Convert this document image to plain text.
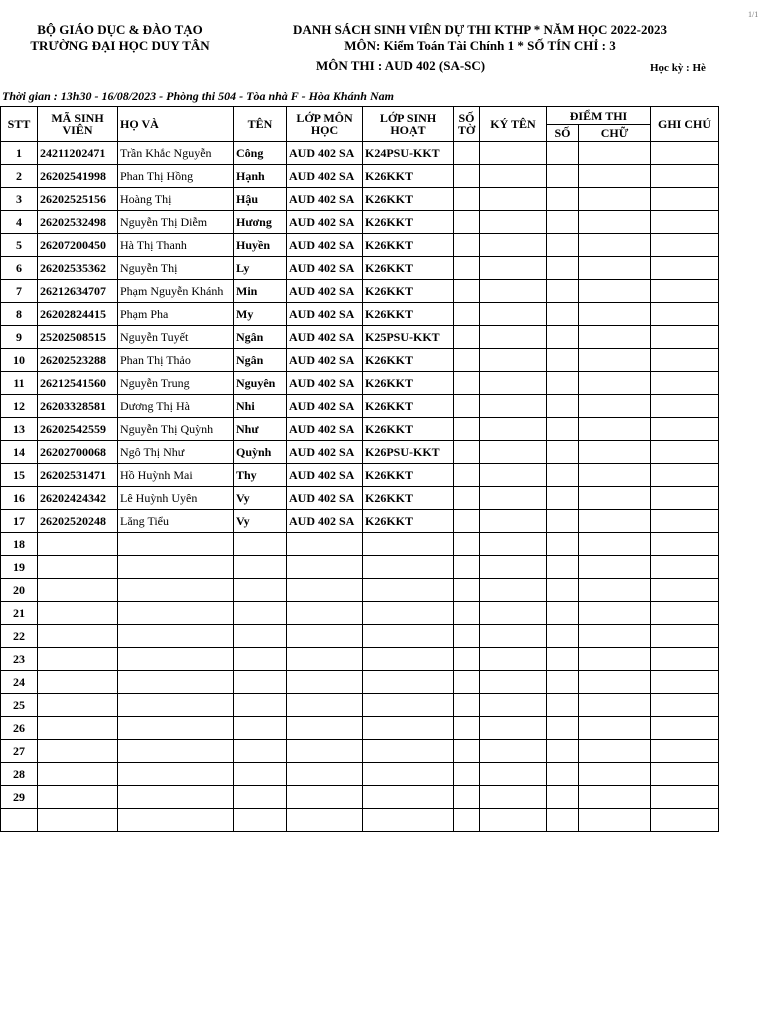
1/1
BỘ GIÁO DỤC & ĐÀO TẠO
TRƯỜNG ĐẠI HỌC DUY TÂN
DANH SÁCH SINH VIÊN DỰ THI KTHP * NĂM HỌC 2022-2023
MÔN: Kiểm Toán Tài Chính 1 * SỐ TÍN CHỈ : 3
MÔN THI : AUD 402 (SA-SC)	Học kỳ : Hè
Thời gian : 13h30 - 16/08/2023 - Phòng thi 504 - Tòa nhà F - Hòa Khánh Nam
STT	MÃ SINH VIÊN	HỌ VÀ	TÊN	LỚP MÔN HỌC	LỚP SINH HOẠT	SỐ TỜ	KÝ TÊN	ĐIỂM THI		GHI CHÚ
								SỐ	CHỮ	
1	24211202471	Trần Khắc Nguyễn	Công	AUD 402 SA	K24PSU-KKT					
2	26202541998	Phan Thị Hồng	Hạnh	AUD 402 SA	K26KKT					
3	26202525156	Hoàng Thị	Hậu	AUD 402 SA	K26KKT					
4	26202532498	Nguyễn Thị Diễm	Hương	AUD 402 SA	K26KKT					
5	26207200450	Hà Thị Thanh	Huyền	AUD 402 SA	K26KKT					
6	26202535362	Nguyễn Thị	Ly	AUD 402 SA	K26KKT					
7	26212634707	Phạm Nguyễn Khánh	Min	AUD 402 SA	K26KKT					
8	26202824415	Phạm Pha	My	AUD 402 SA	K26KKT					
9	25202508515	Nguyễn Tuyết	Ngân	AUD 402 SA	K25PSU-KKT					
10	26202523288	Phan Thị Thảo	Ngân	AUD 402 SA	K26KKT					
11	26212541560	Nguyễn Trung	Nguyên	AUD 402 SA	K26KKT					
12	26203328581	Dương Thị Hà	Nhi	AUD 402 SA	K26KKT					
13	26202542559	Nguyễn Thị Quỳnh	Như	AUD 402 SA	K26KKT					
14	26202700068	Ngô Thị Như	Quỳnh	AUD 402 SA	K26PSU-KKT					
15	26202531471	Hồ Huỳnh Mai	Thy	AUD 402 SA	K26KKT					
16	26202424342	Lê Huỳnh Uyên	Vy	AUD 402 SA	K26KKT					
17	26202520248	Lăng Tiểu	Vy	AUD 402 SA	K26KKT					
18										
19										
20										
21										
22										
23										
24										
25										
26										
27										
28										
29										
